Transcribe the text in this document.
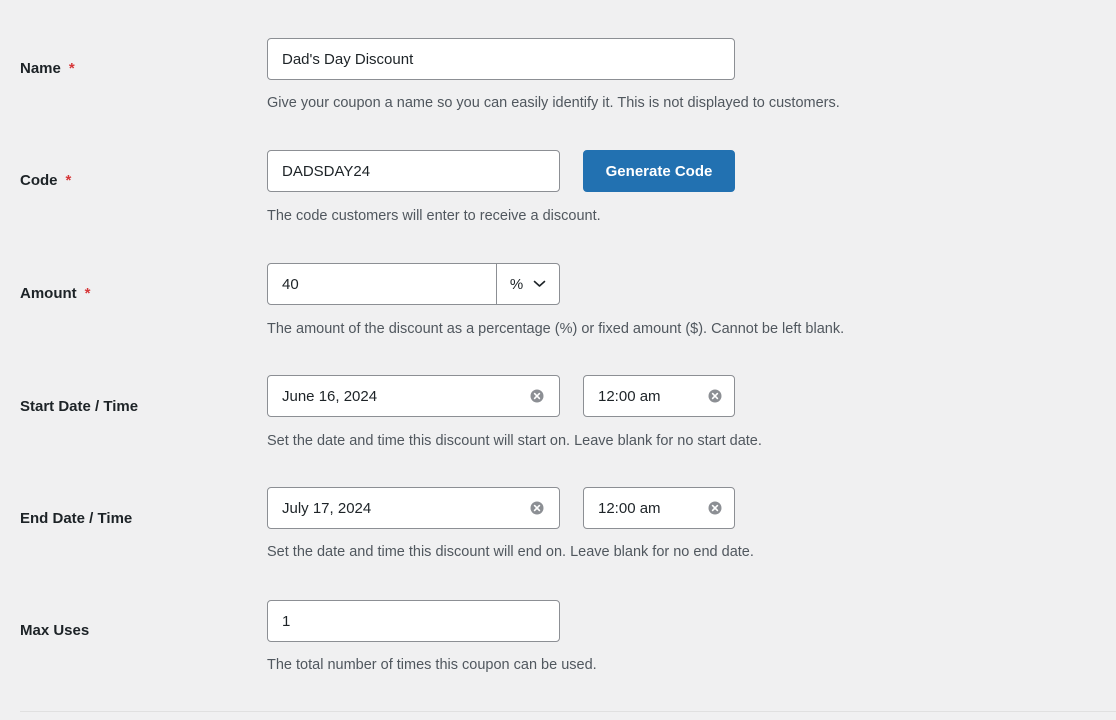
Name *
Dad's Day Discount
Give your coupon a name so you can easily identify it. This is not displayed to customers.
Code *
DADSDAY24
Generate Code
The code customers will enter to receive a discount.
Amount *
40
%
The amount of the discount as a percentage (%) or fixed amount ($). Cannot be left blank.
Start Date / Time
June 16, 2024
12:00 am
Set the date and time this discount will start on. Leave blank for no start date.
End Date / Time
July 17, 2024
12:00 am
Set the date and time this discount will end on. Leave blank for no end date.
Max Uses
1
The total number of times this coupon can be used.
